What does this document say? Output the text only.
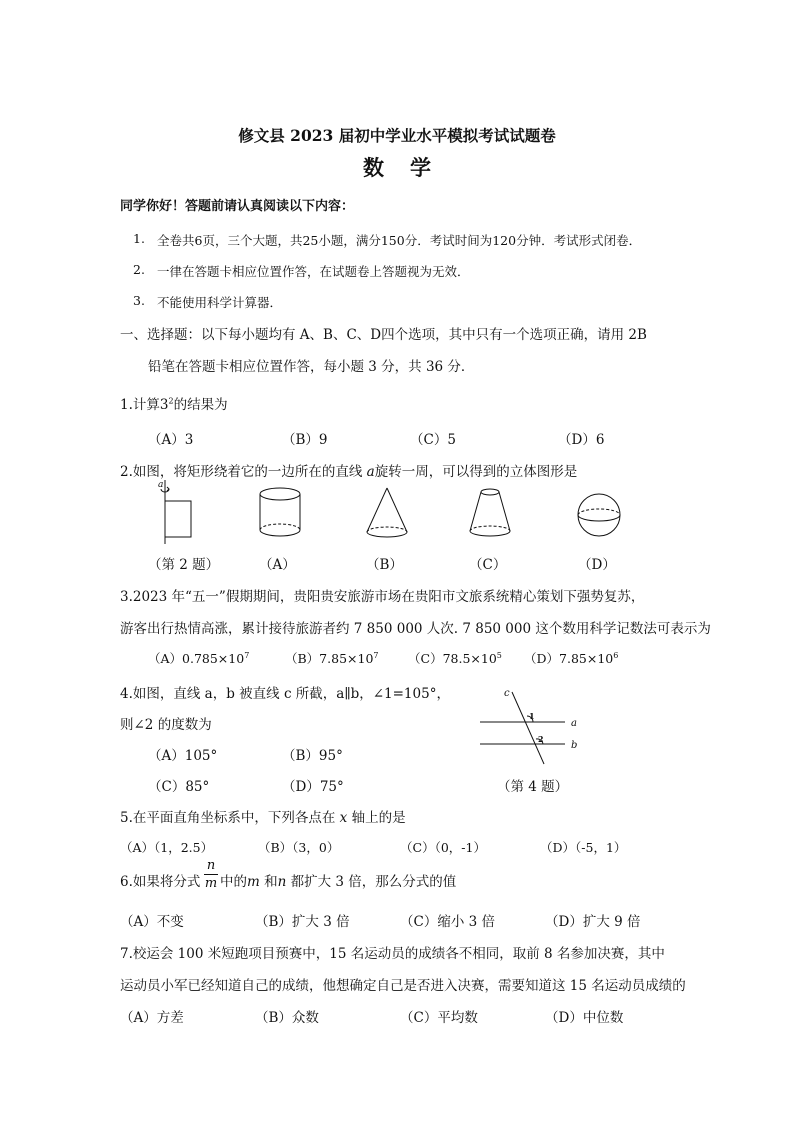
修文县 2023 届初中学业水平模拟考试试题卷
数学
同学你好！答题前请认真阅读以下内容：
1. 全卷共6页，三个大题，共25小题，满分150分．考试时间为120分钟．考试形式闭卷．
2. 一律在答题卡相应位置作答，在试题卷上答题视为无效．
3. 不能使用科学计算器．
一、选择题：以下每小题均有 A、B、C、D四个选项，其中只有一个选项正确，请用 2B
铅笔在答题卡相应位置作答，每小题 3 分，共 36 分．
1.计算$3^2$的结果为
（A）3	（B）9	（C）5	（D）6
2.如图，将矩形绕着它的一边所在的直线 a旋转一周，可以得到的立体图形是
a
（第 2 题）	（A）	（B）	（C）	（D）
3.2023 年“五一”假期期间，贵阳贵安旅游市场在贵阳市文旅系统精心策划下强势复苏，
游客出行热情高涨，累计接待旅游者约 7 850 000 人次. 7 850 000 这个数用科学记数法可表示为
$(A)0.785\times 10^7$	$(B)7.85\times 10^7$ $(C)78.5\times 10^5$ $(D)7.85\times 10^6$
4.如图，直线 a，b 被直线 c 所截，a∥b，∠1=105°，
则∠2 的度数为
（A）105°	（B）95°
（C）85°	（D）75°
c
a
b
1
2
（第 4 题）
5.在平面直角坐标系中，下列各点在 x 轴上的是
（A）（1，2.5）	（B）（3，0）	（C）（0，-1）	（D）（-5，1）
6.如果将分式
n
m 中的m 和n 都扩大 3 倍，那么分式的值
（A）不变	（B）扩大 3 倍	（C）缩小 3 倍	（D）扩大 9 倍
7.校运会 100 米短跑项目预赛中，15 名运动员的成绩各不相同，取前 8 名参加决赛，其中
运动员小军已经知道自己的成绩，他想确定自己是否进入决赛，需要知道这 15 名运动员成绩的
（A）方差	（B）众数	（C）平均数	（D）中位数
